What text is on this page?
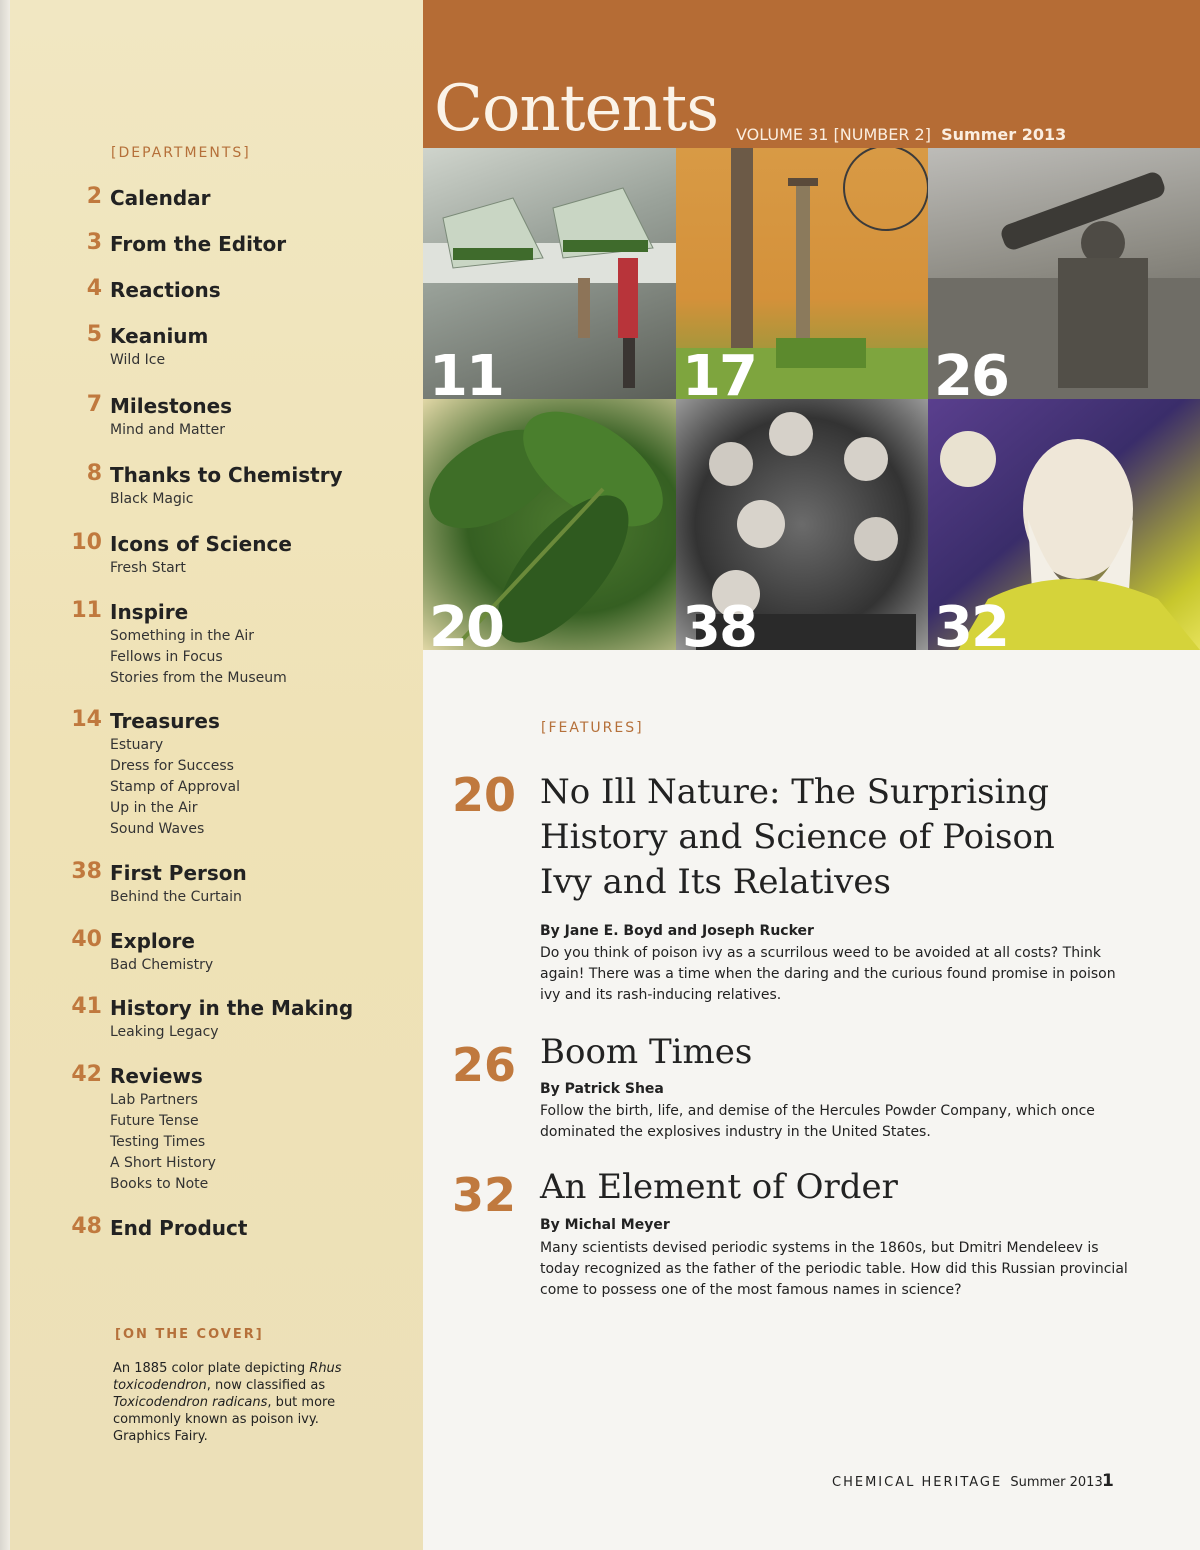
[DEPARTMENTS]
2 Calendar
3 From the Editor
4 Reactions
5 Keanium
Wild Ice
7 Milestones
Mind and Matter
8 Thanks to Chemistry
Black Magic
10 Icons of Science
Fresh Start
11 Inspire
Something in the Air
Fellows in Focus
Stories from the Museum
14 Treasures
Estuary
Dress for Success
Stamp of Approval
Up in the Air
Sound Waves
38 First Person
Behind the Curtain
40 Explore
Bad Chemistry
41 History in the Making
Leaking Legacy
42 Reviews
Lab Partners
Future Tense
Testing Times
A Short History
Books to Note
48 End Product
[ON THE COVER]
An 1885 color plate depicting Rhus toxicodendron, now classified as Toxicodendron radicans, but more commonly known as poison ivy. Graphics Fairy.
Contents VOLUME 31 [NUMBER 2] Summer 2013
11	17	26
20	38	32
[FEATURES]
20 No Ill Nature: The Surprising History and Science of Poison Ivy and Its Relatives
By Jane E. Boyd and Joseph Rucker
Do you think of poison ivy as a scurrilous weed to be avoided at all costs? Think again! There was a time when the daring and the curious found promise in poison ivy and its rash-inducing relatives.
26 Boom Times
By Patrick Shea
Follow the birth, life, and demise of the Hercules Powder Company, which once dominated the explosives industry in the United States.
32 An Element of Order
By Michal Meyer
Many scientists devised periodic systems in the 1860s, but Dmitri Mendeleev is today recognized as the father of the periodic table. How did this Russian provincial come to possess one of the most famous names in science?
CHEMICAL HERITAGE Summer 2013 1
